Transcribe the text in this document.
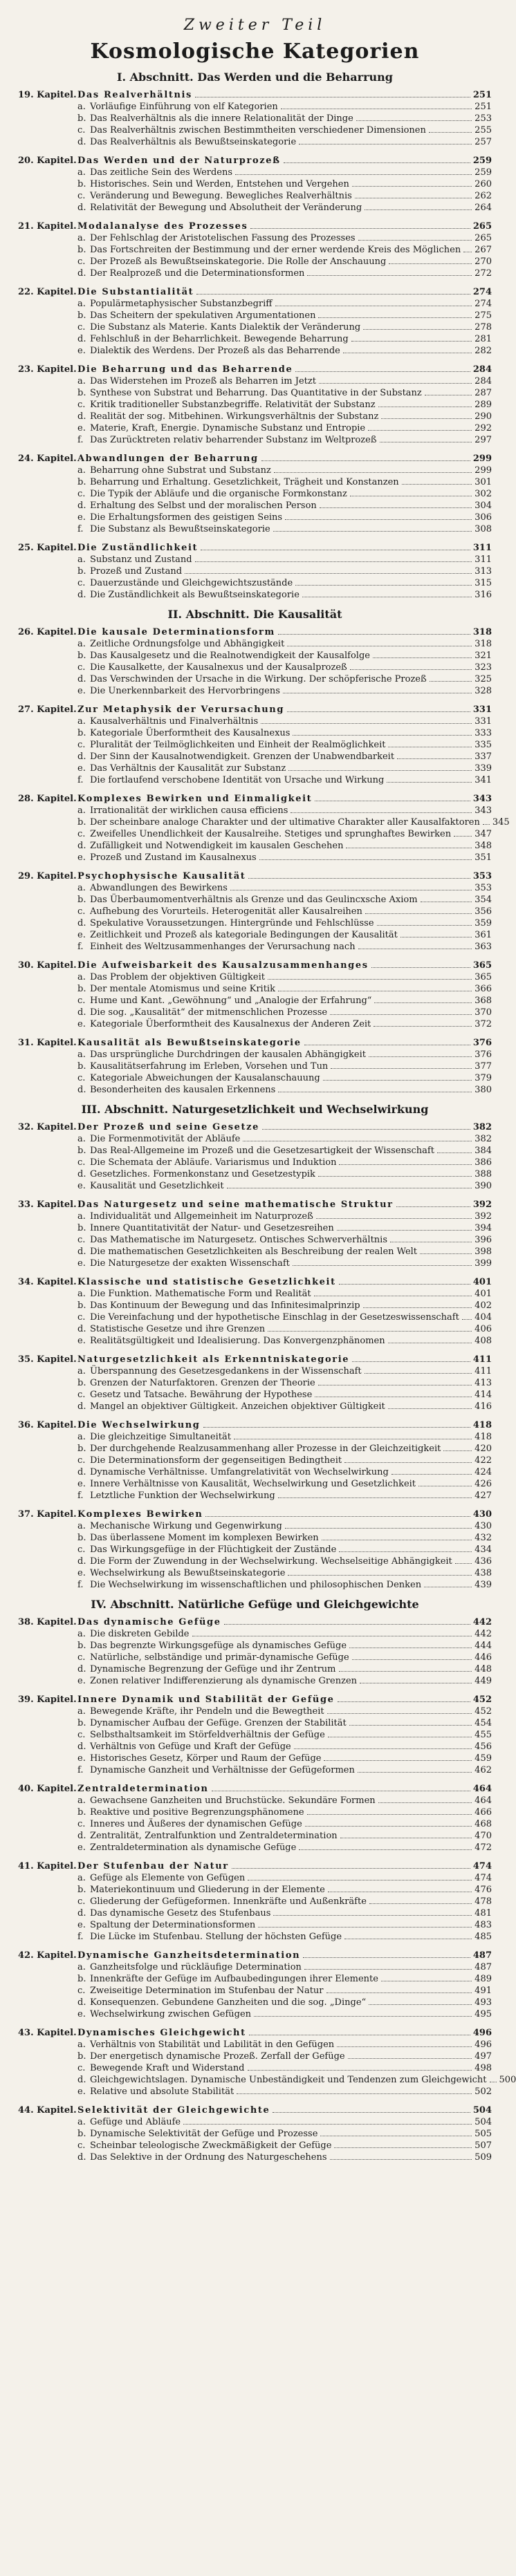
Zweiter Teil
Kosmologische Kategorien
I. Abschnitt. Das Werden und die Beharrung
19. Kapitel.Das Realverhältnis	251
a. Vorläufige Einführung von elf Kategorien	251
b. Das Realverhältnis als die innere Relationalität der Dinge	253
c. Das Realverhältnis zwischen Bestimmtheiten verschiedener Dimensionen	255
d. Das Realverhältnis als Bewußtseinskategorie	257
20. Kapitel.Das Werden und der Naturprozeß	259
a. Das zeitliche Sein des Werdens	259
b. Historisches. Sein und Werden, Entstehen und Vergehen	260
c. Veränderung und Bewegung. Bewegliches Realverhältnis	262
d. Relativität der Bewegung und Absolutheit der Veränderung	264
21. Kapitel.Modalanalyse des Prozesses	265
a. Der Fehlschlag der Aristotelischen Fassung des Prozesses	265
b. Das Fortschreiten der Bestimmung und der erner werdende Kreis des Möglichen 267
c. Der Prozeß als Bewußtseinskategorie. Die Rolle der Anschauung	270
d. Der Realprozeß und die Determinationsformen	272
22. Kapitel.Die Substantialität	274
a. Populärmetaphysischer Substanzbegriff	274
b. Das Scheitern der spekulativen Argumentationen	275
c. Die Substanz als Materie. Kants Dialektik der Veränderung	278
d. Fehlschluß in der Beharrlichkeit. Bewegende Beharrung	281
e. Dialektik des Werdens. Der Prozeß als das Beharrende	282
23. Kapitel.Die Beharrung und das Beharrende	284
a. Das Widerstehen im Prozeß als Beharren im Jetzt	284
b. Synthese von Substrat und Beharrung. Das Quantitative in der Substanz	287
c. Kritik traditioneller Substanzbegriffe. Relativität der Substanz	289
d. Realität der sog. Mitbehinen. Wirkungsverhältnis der Substanz	290
e. Materie, Kraft, Energie. Dynamische Substanz und Entropie	292
f. Das Zurücktreten relativ beharrender Substanz im Weltprozeß	297
24. Kapitel.Abwandlungen der Beharrung	299
a. Beharrung ohne Substrat und Substanz	299
b. Beharrung und Erhaltung. Gesetzlichkeit, Trägheit und Konstanzen	301
c. Die Typik der Abläufe und die organische Formkonstanz	302
d. Erhaltung des Selbst und der moralischen Person	304
e. Die Erhaltungsformen des geistigen Seins	306
f. Die Substanz als Bewußtseinskategorie	308
25. Kapitel.Die Zuständlichkeit	311
a. Substanz und Zustand	311
b. Prozeß und Zustand	313
c. Dauerzustände und Gleichgewichtszustände	315
d. Die Zuständlichkeit als Bewußtseinskategorie	316
II. Abschnitt. Die Kausalität
26. Kapitel.Die kausale Determinationsform	318
a. Zeitliche Ordnungsfolge und Abhängigkeit	318
b. Das Kausalgesetz und die Realnotwendigkeit der Kausalfolge	321
c. Die Kausalkette, der Kausalnexus und der Kausalprozeß	323
d. Das Verschwinden der Ursache in die Wirkung. Der schöpferische Prozeß	325
e. Die Unerkennbarkeit des Hervorbringens	328
27. Kapitel.Zur Metaphysik der Verursachung	331
a. Kausalverhältnis und Finalverhältnis	331
b. Kategoriale Überformtheit des Kausalnexus	333
c. Pluralität der Teilmöglichkeiten und Einheit der Realmöglichkeit	335
d. Der Sinn der Kausalnotwendigkeit. Grenzen der Unabwendbarkeit	337
e. Das Verhältnis der Kausalität zur Substanz	339
f. Die fortlaufend verschobene Identität von Ursache und Wirkung	341
28. Kapitel.Komplexes Bewirken und Einmaligkeit	343
a. Irrationalität der wirklichen causa efficiens	343
b. Der scheinbare analoge Charakter und der ultimative Charakter aller Kausalfaktoren 345
c. Zweifelles Unendlichkeit der Kausalreihe. Stetiges und sprunghaftes Bewirken	347
d. Zufälligkeit und Notwendigkeit im kausalen Geschehen	348
e. Prozeß und Zustand im Kausalnexus	351
29. Kapitel.Psychophysische Kausalität	353
a. Abwandlungen des Bewirkens	353
b. Das Überbaumomentverhältnis als Grenze und das Geulincxsche Axiom	354
c. Aufhebung des Vorurteils. Heterogenität aller Kausalreihen	356
d. Spekulative Voraussetzungen. Hintergründe und Fehlschlüsse	359
e. Zeitlichkeit und Prozeß als kategoriale Bedingungen der Kausalität	361
f. Einheit des Weltzusammenhanges der Verursachung nach	363
30. Kapitel.Die Aufweisbarkeit des Kausalzusammenhanges	365
a. Das Problem der objektiven Gültigkeit	365
b. Der mentale Atomismus und seine Kritik	366
c. Hume und Kant. „Gewöhnung“ und „Analogie der Erfahrung“	368
d. Die sog. „Kausalität“ der mitmenschlichen Prozesse	370
e. Kategoriale Überformtheit des Kausalnexus der Anderen Zeit	372
31. Kapitel.Kausalität als Bewußtseinskategorie	376
a. Das ursprüngliche Durchdringen der kausalen Abhängigkeit	376
b. Kausalitätserfahrung im Erleben, Vorsehen und Tun	377
c. Kategoriale Abweichungen der Kausalanschauung	379
d. Besonderheiten des kausalen Erkennens	380
III. Abschnitt. Naturgesetzlichkeit und Wechselwirkung
32. Kapitel.Der Prozeß und seine Gesetze	382
a. Die Formenmotivität der Abläufe	382
b. Das Real-Allgemeine im Prozeß und die Gesetzesartigkeit der Wissenschaft	384
c. Die Schemata der Abläufe. Variarismus und Induktion	386
d. Gesetzliches. Formenkonstanz und Gesetzestypik	388
e. Kausalität und Gesetzlichkeit	390
33. Kapitel.Das Naturgesetz und seine mathematische Struktur	392
a. Individualität und Allgemeinheit im Naturprozeß	392
b. Innere Quantitativität der Natur- und Gesetzesreihen	394
c. Das Mathematische im Naturgesetz. Ontisches Schwerverhältnis	396
d. Die mathematischen Gesetzlichkeiten als Beschreibung der realen Welt	398
e. Die Naturgesetze der exakten Wissenschaft	399
34. Kapitel.Klassische und statistische Gesetzlichkeit	401
a. Die Funktion. Mathematische Form und Realität	401
b. Das Kontinuum der Bewegung und das Infinitesimalprinzip	402
c. Die Vereinfachung und der hypothetische Einschlag in der Gesetzeswissenschaft 404
d. Statistische Gesetze und ihre Grenzen	406
e. Realitätsgültigkeit und Idealisierung. Das Konvergenzphänomen	408
35. Kapitel.Naturgesetzlichkeit als Erkenntniskategorie	411
a. Überspannung des Gesetzesgedankens in der Wissenschaft	411
b. Grenzen der Naturfaktoren. Grenzen der Theorie	413
c. Gesetz und Tatsache. Bewährung der Hypothese	414
d. Mangel an objektiver Gültigkeit. Anzeichen objektiver Gültigkeit	416
36. Kapitel.Die Wechselwirkung	418
a. Die gleichzeitige Simultaneität	418
b. Der durchgehende Realzusammenhang aller Prozesse in der Gleichzeitigkeit	420
c. Die Determinationsform der gegenseitigen Bedingtheit	422
d. Dynamische Verhältnisse. Umfangrelativität von Wechselwirkung	424
e. Innere Verhältnisse von Kausalität, Wechselwirkung und Gesetzlichkeit	426
f. Letztliche Funktion der Wechselwirkung	427
37. Kapitel.Komplexes Bewirken	430
a. Mechanische Wirkung und Gegenwirkung	430
b. Das überlassene Moment im komplexen Bewirken	432
c. Das Wirkungsgefüge in der Flüchtigkeit der Zustände	434
d. Die Form der Zuwendung in der Wechselwirkung. Wechselseitige Abhängigkeit 436
e. Wechselwirkung als Bewußtseinskategorie	438
f. Die Wechselwirkung im wissenschaftlichen und philosophischen Denken	439
IV. Abschnitt. Natürliche Gefüge und Gleichgewichte
38. Kapitel.Das dynamische Gefüge	442
a. Die diskreten Gebilde	442
b. Das begrenzte Wirkungsgefüge als dynamisches Gefüge	444
c. Natürliche, selbständige und primär-dynamische Gefüge	446
d. Dynamische Begrenzung der Gefüge und ihr Zentrum	448
e. Zonen relativer Indifferenzierung als dynamische Grenzen	449
39. Kapitel.Innere Dynamik und Stabilität der Gefüge	452
a. Bewegende Kräfte, ihr Pendeln und die Bewegtheit	452
b. Dynamischer Aufbau der Gefüge. Grenzen der Stabilität	454
c. Selbsthaltsamkeit im Störfeldverhältnis der Gefüge	455
d. Verhältnis von Gefüge und Kraft der Gefüge	456
e. Historisches Gesetz, Körper und Raum der Gefüge	459
f. Dynamische Ganzheit und Verhältnisse der Gefügeformen	462
40. Kapitel.Zentraldetermination	464
a. Gewachsene Ganzheiten und Bruchstücke. Sekundäre Formen	464
b. Reaktive und positive Begrenzungsphänomene	466
c. Inneres und Äußeres der dynamischen Gefüge	468
d. Zentralität, Zentralfunktion und Zentraldetermination	470
e. Zentraldetermination als dynamische Gefüge	472
41. Kapitel.Der Stufenbau der Natur	474
a. Gefüge als Elemente von Gefügen	474
b. Materiekontinuum und Gliederung in der Elemente	476
c. Gliederung der Gefügeformen. Innenkräfte und Außenkräfte	478
d. Das dynamische Gesetz des Stufenbaus	481
e. Spaltung der Determinationsformen	483
f. Die Lücke im Stufenbau. Stellung der höchsten Gefüge	485
42. Kapitel.Dynamische Ganzheitsdetermination	487
a. Ganzheitsfolge und rückläufige Determination	487
b. Innenkräfte der Gefüge im Aufbaubedingungen ihrer Elemente	489
c. Zweiseitige Determination im Stufenbau der Natur	491
d. Konsequenzen. Gebundene Ganzheiten und die sog. „Dinge“	493
e. Wechselwirkung zwischen Gefügen	495
43. Kapitel.Dynamisches Gleichgewicht	496
a. Verhältnis von Stabilität und Labilität in den Gefügen	496
b. Der energetisch dynamische Prozeß. Zerfall der Gefüge	497
c. Bewegende Kraft und Widerstand	498
d. Gleichgewichtslagen. Dynamische Unbeständigkeit und Tendenzen zum Gleichgewicht 500
e. Relative und absolute Stabilität	502
44. Kapitel.Selektivität der Gleichgewichte	504
a. Gefüge und Abläufe	504
b. Dynamische Selektivität der Gefüge und Prozesse	505
c. Scheinbar teleologische Zweckmäßigkeit der Gefüge	507
d. Das Selektive in der Ordnung des Naturgeschehens	509
